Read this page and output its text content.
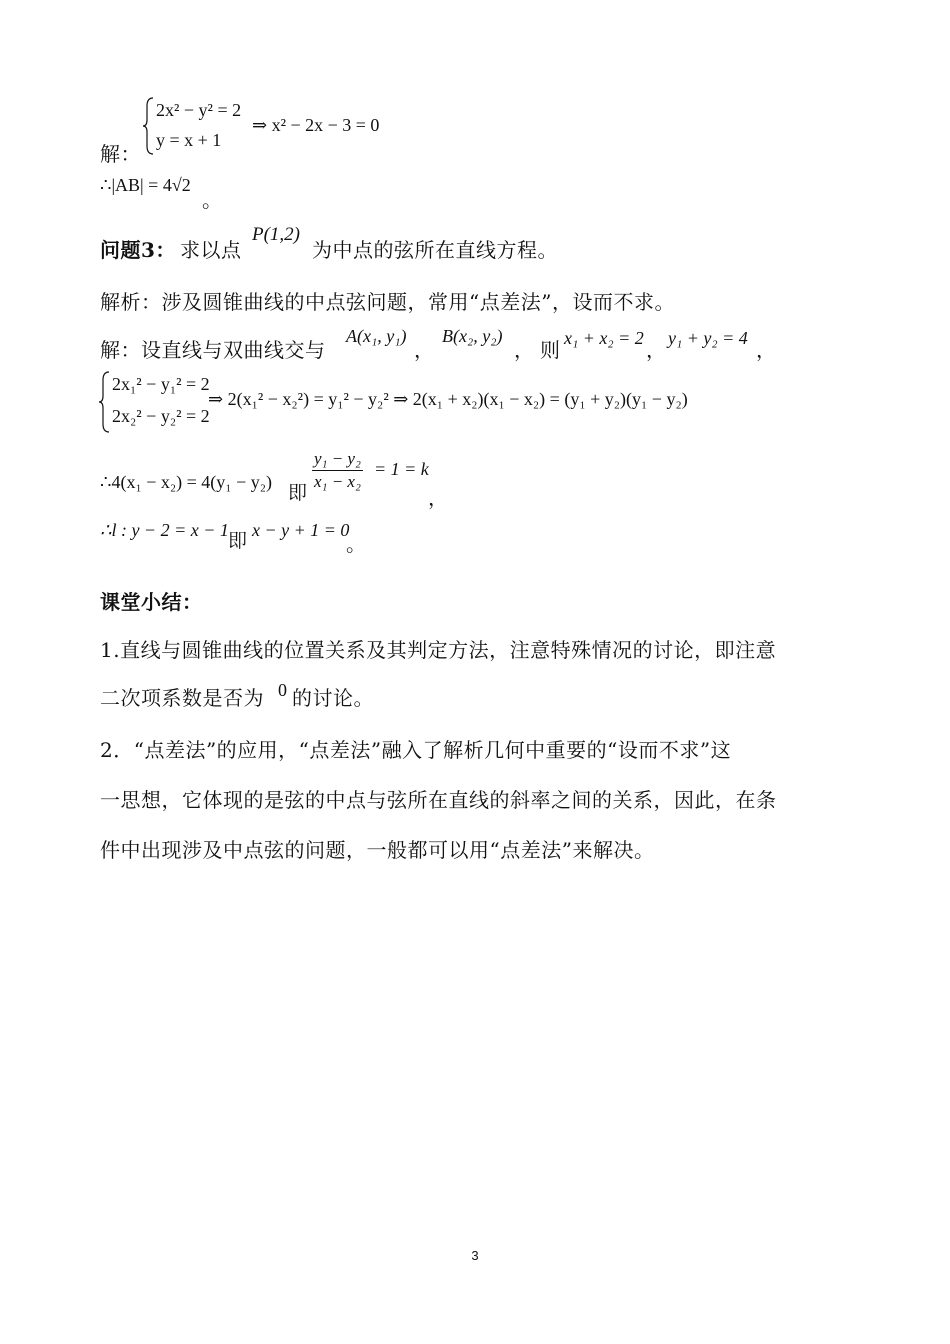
解：
2x² − y² = 2
y = x + 1
⇒ x² − 2x − 3 = 0
∴|AB| = 4√2
。
问题3： 求以点
P(1,2)
为中点的弦所在直线方程。
解析：涉及圆锥曲线的中点弦问题，常用“点差法”，设而不求。
解：设直线与双曲线交与
A(x₁, y₁)
，
B(x₂, y₂)
， 则 x₁ + x₂ = 2 ， y₁ + y₂ = 4 ，
2x₁² − y₁² = 2
2x₂² − y₂² = 2
⇒ 2(x₁² − x₂²) = y₁² − y₂² ⇒ 2(x₁ + x₂)(x₁ − x₂) = (y₁ + y₂)(y₁ − y₂)
∴4(x₁ − x₂) = 4(y₁ − y₂) 即 $\frac{\text{y₁ − y₂}}{\text{x₁ − x₂}} = 1 = k$
，
∴l : y − 2 = x − 1 即 x − y + 1 = 0
。
课堂小结：
1.直线与圆锥曲线的位置关系及其判定方法，注意特殊情况的讨论，即注意
二次项系数是否为 0 的讨论。
2．“点差法”的应用，“点差法”融入了解析几何中重要的“设而不求”这
一思想，它体现的是弦的中点与弦所在直线的斜率之间的关系，因此，在条
件中出现涉及中点弦的问题，一般都可以用“点差法”来解决。
3
